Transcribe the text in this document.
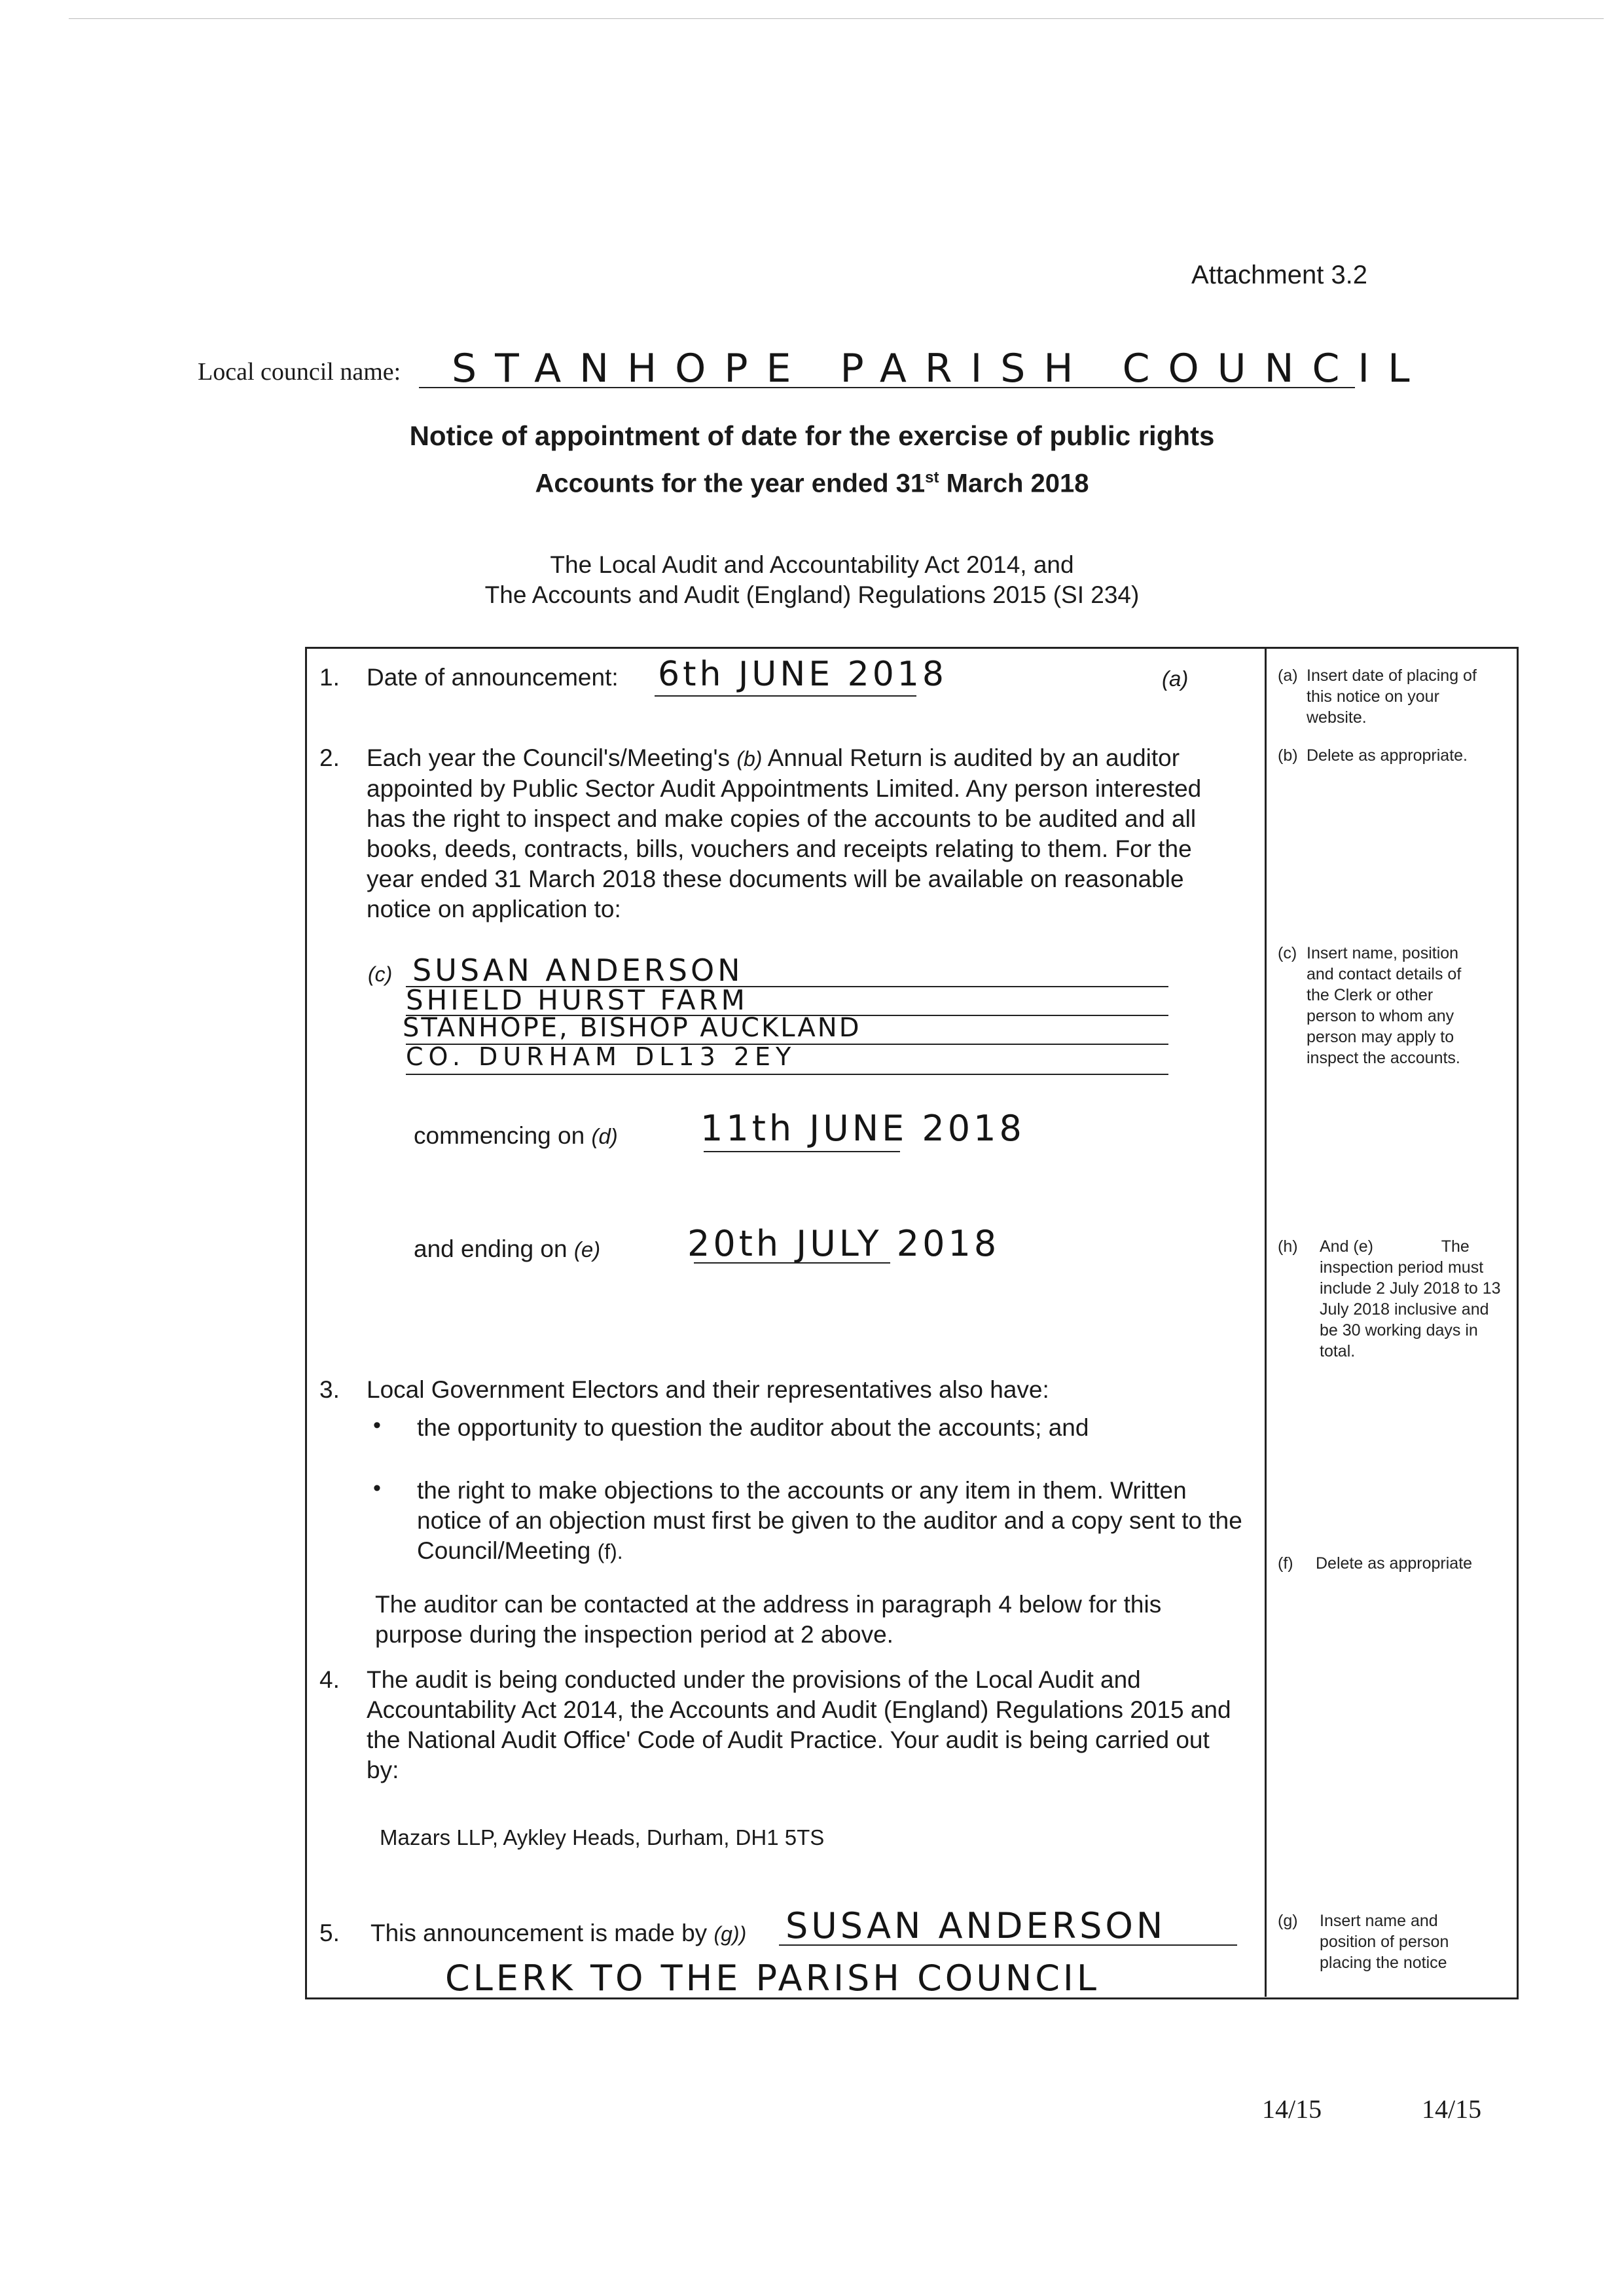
Attachment 3.2
Local council name: STANHOPE PARISH COUNCIL
Notice of appointment of date for the exercise of public rights
Accounts for the year ended 31st March 2018
The Local Audit and Accountability Act 2014, and
The Accounts and Audit (England) Regulations 2015 (SI 234)
1. Date of announcement: 6th JUNE 2018	(a)
2. Each year the Council's/Meeting's (b) Annual Return is audited by an auditor appointed by Public Sector Audit Appointments Limited. Any person interested has the right to inspect and make copies of the accounts to be audited and all books, deeds, contracts, bills, vouchers and receipts relating to them. For the year ended 31 March 2018 these documents will be available on reasonable notice on application to:
(c) SUSAN ANDERSON
SHIELD HURST FARM
STANHOPE, BISHOP AUCKLAND
CO. DURHAM DL13 2EY
commencing on (d) 11th JUNE 2018
and ending on (e) 20th JULY 2018
3. Local Government Electors and their representatives also have:
• the opportunity to question the auditor about the accounts; and
• the right to make objections to the accounts or any item in them. Written notice of an objection must first be given to the auditor and a copy sent to the Council/Meeting (f).
The auditor can be contacted at the address in paragraph 4 below for this purpose during the inspection period at 2 above.
4. The audit is being conducted under the provisions of the Local Audit and Accountability Act 2014, the Accounts and Audit (England) Regulations 2015 and the National Audit Office' Code of Audit Practice. Your audit is being carried out by:
Mazars LLP, Aykley Heads, Durham, DH1 5TS
5. This announcement is made by (g)) SUSAN ANDERSON
CLERK TO THE PARISH COUNCIL
(a) Insert date of placing of this notice on your website.
(b) Delete as appropriate.
(c) Insert name, position and contact details of the Clerk or other person to whom any person may apply to inspect the accounts.
(h) And (e)               The inspection period must include 2 July 2018 to 13 July 2018 inclusive and be 30 working days in total.
(f) Delete as appropriate
(g) Insert name and position of person placing the notice
14/15	14/15
